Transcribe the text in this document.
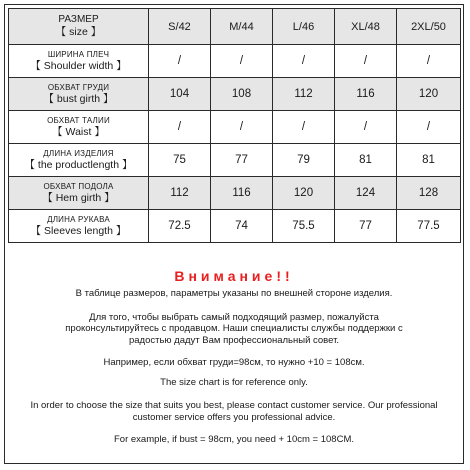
РАЗМЕР
【 size 】	S/42	M/44	L/46	XL/48	2XL/50

ШИРИНА ПЛЕЧ
【 Shoulder width 】	/	/	/	/	/

ОБХВАТ ГРУДИ
【 bust girth 】	104	108	112	116	120

ОБХВАТ ТАЛИИ
【 Waist 】	/	/	/	/	/

ДЛИНА ИЗДЕЛИЯ
【 the productlength 】	75	77	79	81	81

ОБХВАТ ПОДОЛА
【 Hem girth 】	112	116	120	124	128

ДЛИНА РУКАВА
【 Sleeves length 】	72.5	74	75.5	77	77.5

Внимание!!

В таблице размеров, параметры указаны по внешней стороне изделия.

Для того, чтобы выбрать самый подходящий размер, пожалуйста проконсультируйтесь с продавцом. Наши специалисты службы поддержки с радостью дадут Вам профессиональный совет.

Например, если обхват груди=98см, то нужно +10 = 108см.

The size chart is for reference only.

In order to choose the size that suits you best, please contact customer service. Our professional customer service offers you professional advice.

For example, if bust = 98cm, you need + 10cm = 108CM.
